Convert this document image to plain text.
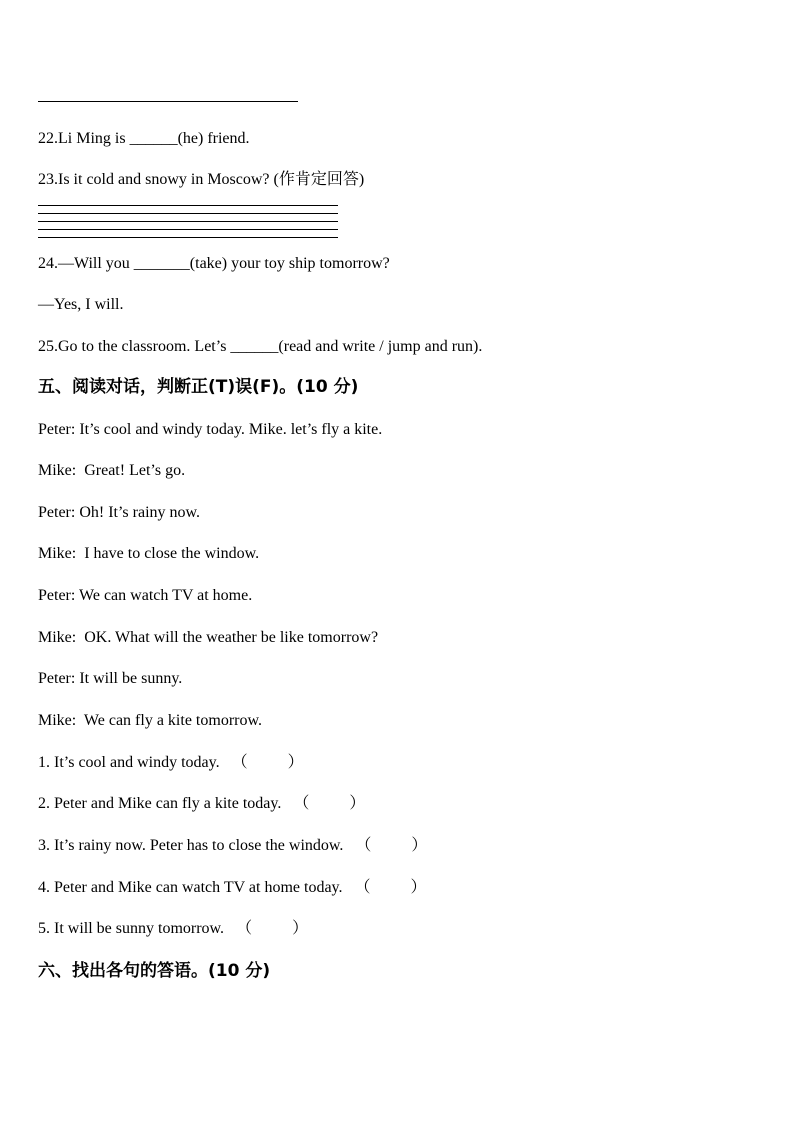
22.Li Ming is ______(he) friend.
23.Is it cold and snowy in Moscow? (作肯定回答)
24.—Will you _______(take) your toy ship tomorrow?
—Yes, I will.
25.Go to the classroom. Let’s ______(read and write / jump and run).
五、阅读对话，判断正(T)误(F)。(10 分)
Peter: It’s cool and windy today. Mike. let’s fly a kite.
Mike:  Great! Let’s go.
Peter: Oh! It’s rainy now.
Mike:  I have to close the window.
Peter: We can watch TV at home.
Mike:  OK. What will the weather be like tomorrow?
Peter: It will be sunny.
Mike:  We can fly a kite tomorrow.
1. It’s cool and windy today. （          ）
2. Peter and Mike can fly a kite today. （          ）
3. It’s rainy now. Peter has to close the window. （          ）
4. Peter and Mike can watch TV at home today. （          ）
5. It will be sunny tomorrow. （          ）
六、找出各句的答语。(10 分)
